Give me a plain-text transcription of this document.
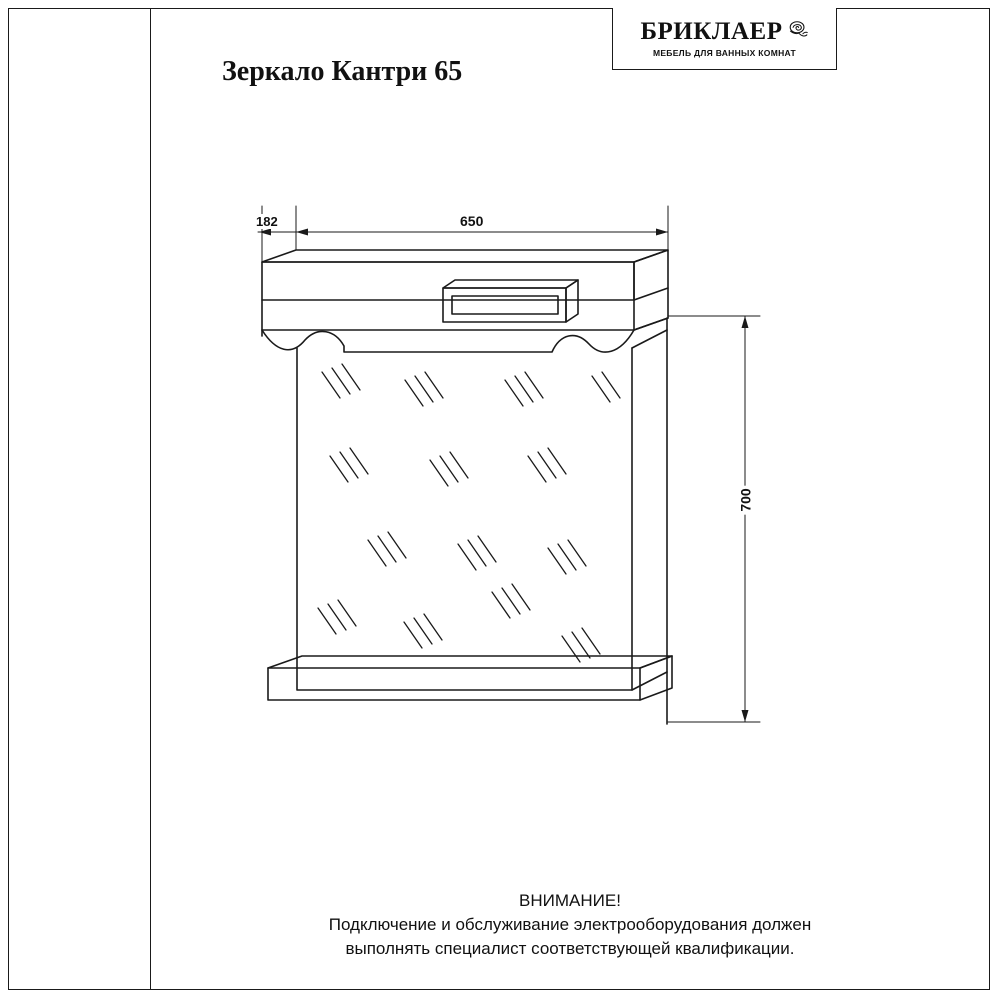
БРИКЛАЕР
МЕБЕЛЬ ДЛЯ ВАННЫХ КОМНАТ
Зеркало Кантри 65
650
182
700
ВНИМАНИЕ!
Подключение и обслуживание электрооборудования должен
выполнять специалист соответствующей квалификации.
